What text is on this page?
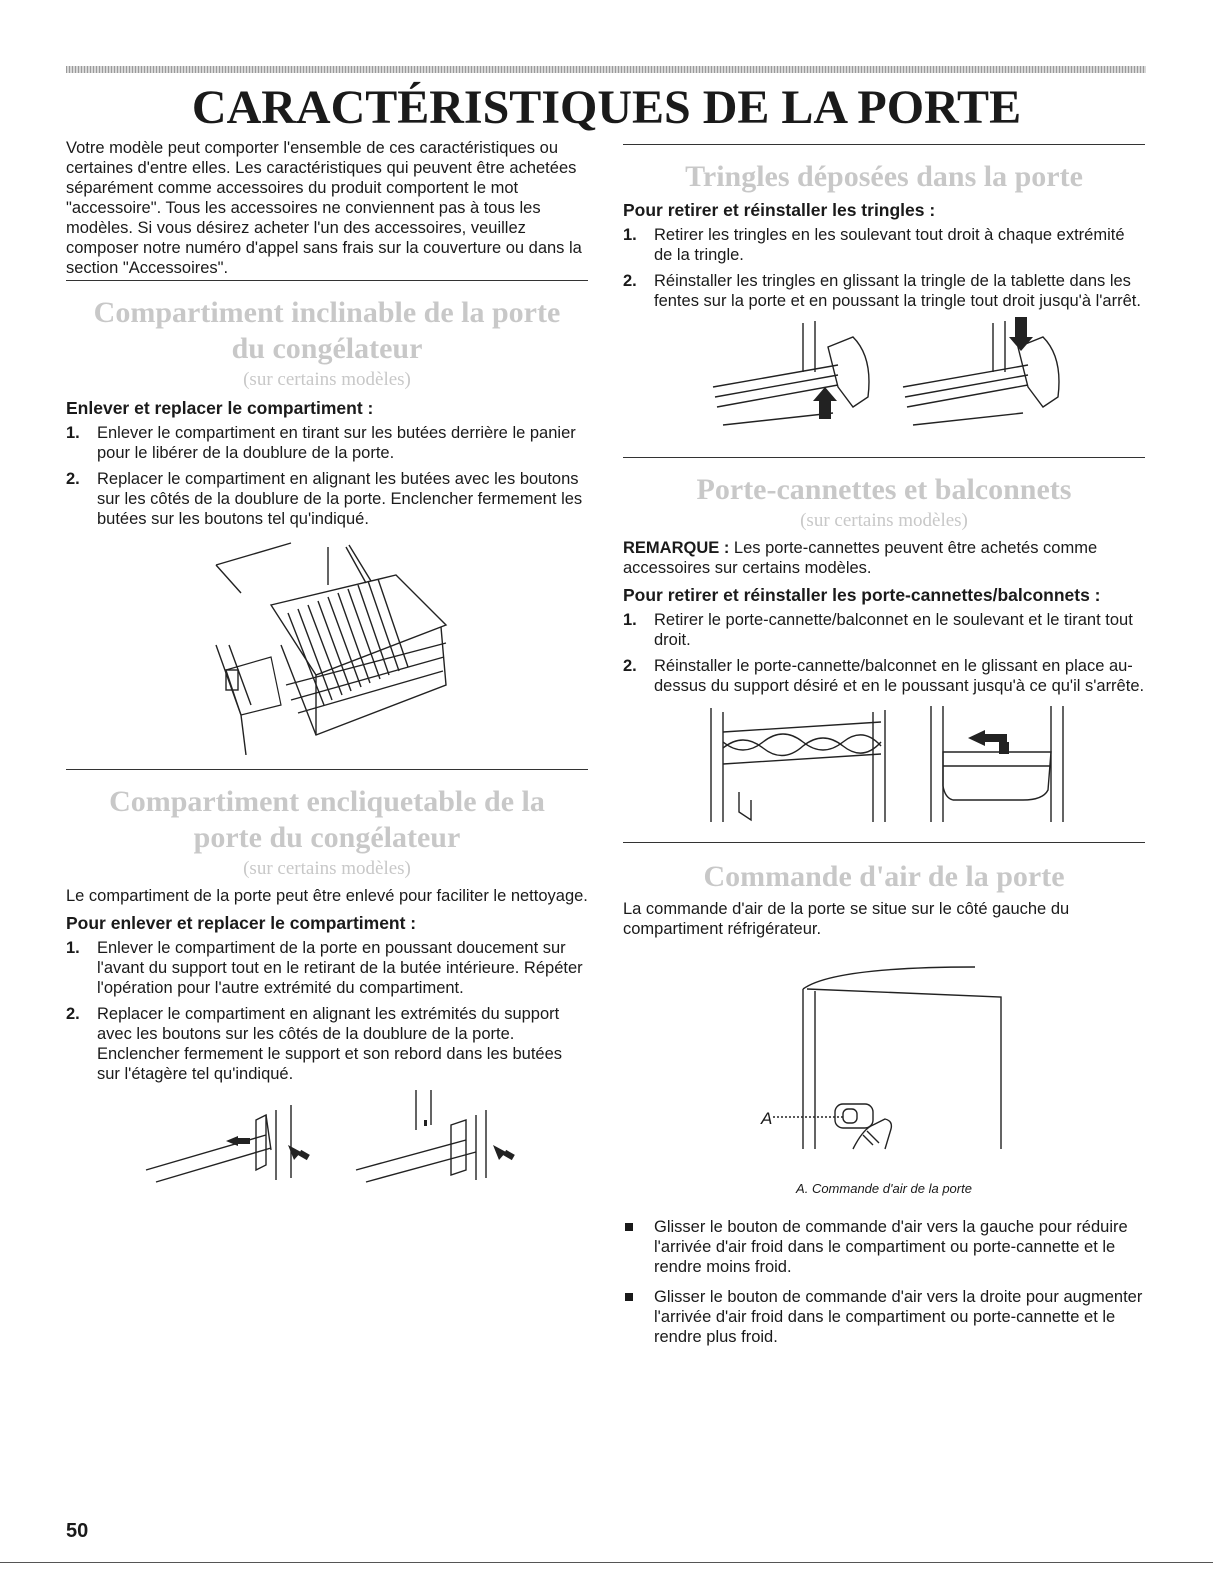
CARACTÉRISTIQUES DE LA PORTE

Votre modèle peut comporter l'ensemble de ces caractéristiques ou certaines d'entre elles. Les caractéristiques qui peuvent être achetées séparément comme accessoires du produit comportent le mot "accessoire". Tous les accessoires ne conviennent pas à tous les modèles. Si vous désirez acheter l'un des accessoires, veuillez composer notre numéro d'appel sans frais sur la couverture ou dans la section "Accessoires".

Compartiment inclinable de la porte du congélateur

(sur certains modèles)

Enlever et replacer le compartiment :

1. Enlever le compartiment en tirant sur les butées derrière le panier pour le libérer de la doublure de la porte.
2. Replacer le compartiment en alignant les butées avec les boutons sur les côtés de la doublure de la porte. Enclencher fermement les butées sur les boutons tel qu'indiqué.
Compartiment encliquetable de la porte du congélateur

(sur certains modèles)

Le compartiment de la porte peut être enlevé pour faciliter le nettoyage.

Pour enlever et replacer le compartiment :

1. Enlever le compartiment de la porte en poussant doucement sur l'avant du support tout en le retirant de la butée intérieure. Répéter l'opération pour l'autre extrémité du compartiment.
2. Replacer le compartiment en alignant les extrémités du support avec les boutons sur les côtés de la doublure de la porte. Enclencher fermement le support et son rebord dans les butées sur l'étagère tel qu'indiqué.
Tringles déposées dans la porte

Pour retirer et réinstaller les tringles :

1. Retirer les tringles en les soulevant tout droit à chaque extrémité de la tringle.
2. Réinstaller les tringles en glissant la tringle de la tablette dans les fentes sur la porte et en poussant la tringle tout droit jusqu'à l'arrêt.
Porte-cannettes et balconnets

(sur certains modèles)

REMARQUE : Les porte-cannettes peuvent être achetés comme accessoires sur certains modèles.

Pour retirer et réinstaller les porte-cannettes/balconnets :

1. Retirer le porte-cannette/balconnet en le soulevant et le tirant tout droit.
2. Réinstaller le porte-cannette/balconnet en le glissant en place au-dessus du support désiré et en le poussant jusqu'à ce qu'il s'arrête.
Commande d'air de la porte

La commande d'air de la porte se situe sur le côté gauche du compartiment réfrigérateur.

A

A. Commande d'air de la porte

Glisser le bouton de commande d'air vers la gauche pour réduire l'arrivée d'air froid dans le compartiment ou porte-cannette et le rendre moins froid.
Glisser le bouton de commande d'air vers la droite pour augmenter l'arrivée d'air froid dans le compartiment ou porte-cannette et le rendre plus froid.
50
